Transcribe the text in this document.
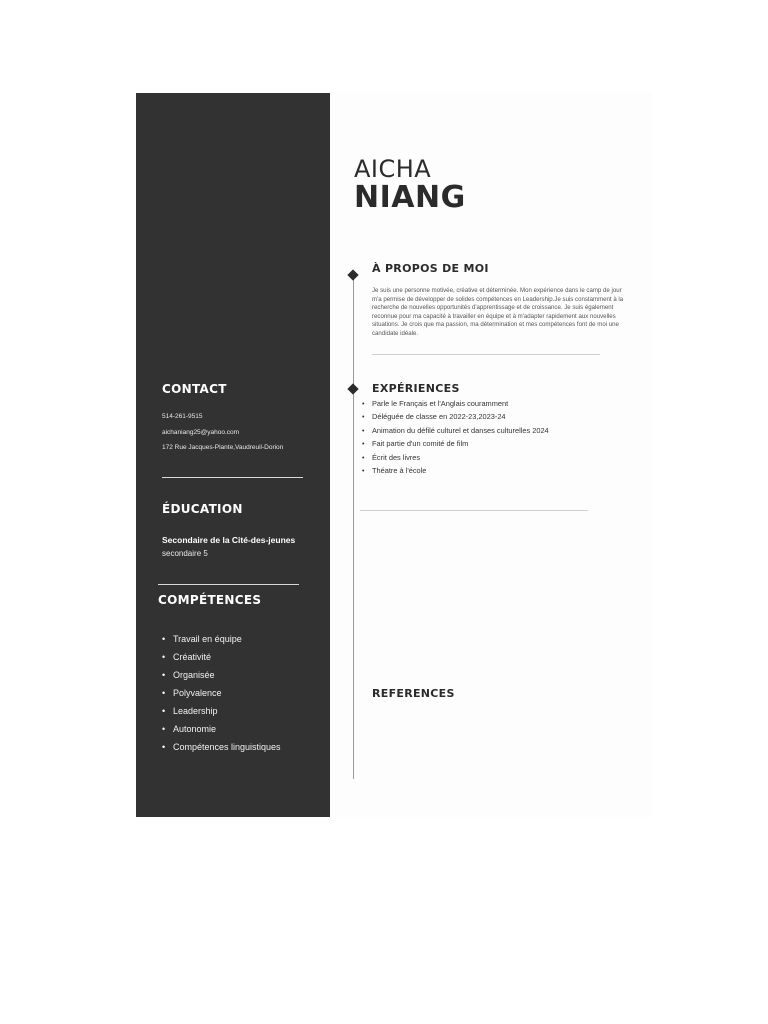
CONTACT
514-261-9515
aichaniang25@yahoo.com
172 Rue Jacques-Plante,Vaudreuil-Dorion
ÉDUCATION
Secondaire de la Cité-des-jeunes
secondaire 5
COMPÉTENCES
• Travail en équipe
• Créativité
• Organisée
• Polyvalence
• Leadership
• Autonomie
• Compétences linguistiques
AICHA
NIANG
À PROPOS DE MOI

Je suis une personne motivée, créative et déterminée. Mon expérience dans le camp de jour m'a permise de développer de solides compétences en Leadership.Je suis constamment à la recherche de nouvelles opportunités d'apprentissage et de croissance. Je suis également reconnue pour ma capacité à travailler en équipe et à m'adapter rapidement aux nouvelles situations. Je crois que ma passion, ma détermination et mes compétences font de moi une candidate idéale.

EXPÉRIENCES
• Parle le Français et l'Anglais couramment
• Déléguée de classe en 2022-23,2023-24
• Animation du défilé culturel et danses culturelles 2024
• Fait partie d'un comité de film
• Écrit des livres
• Théatre à l'école
REFERENCES
